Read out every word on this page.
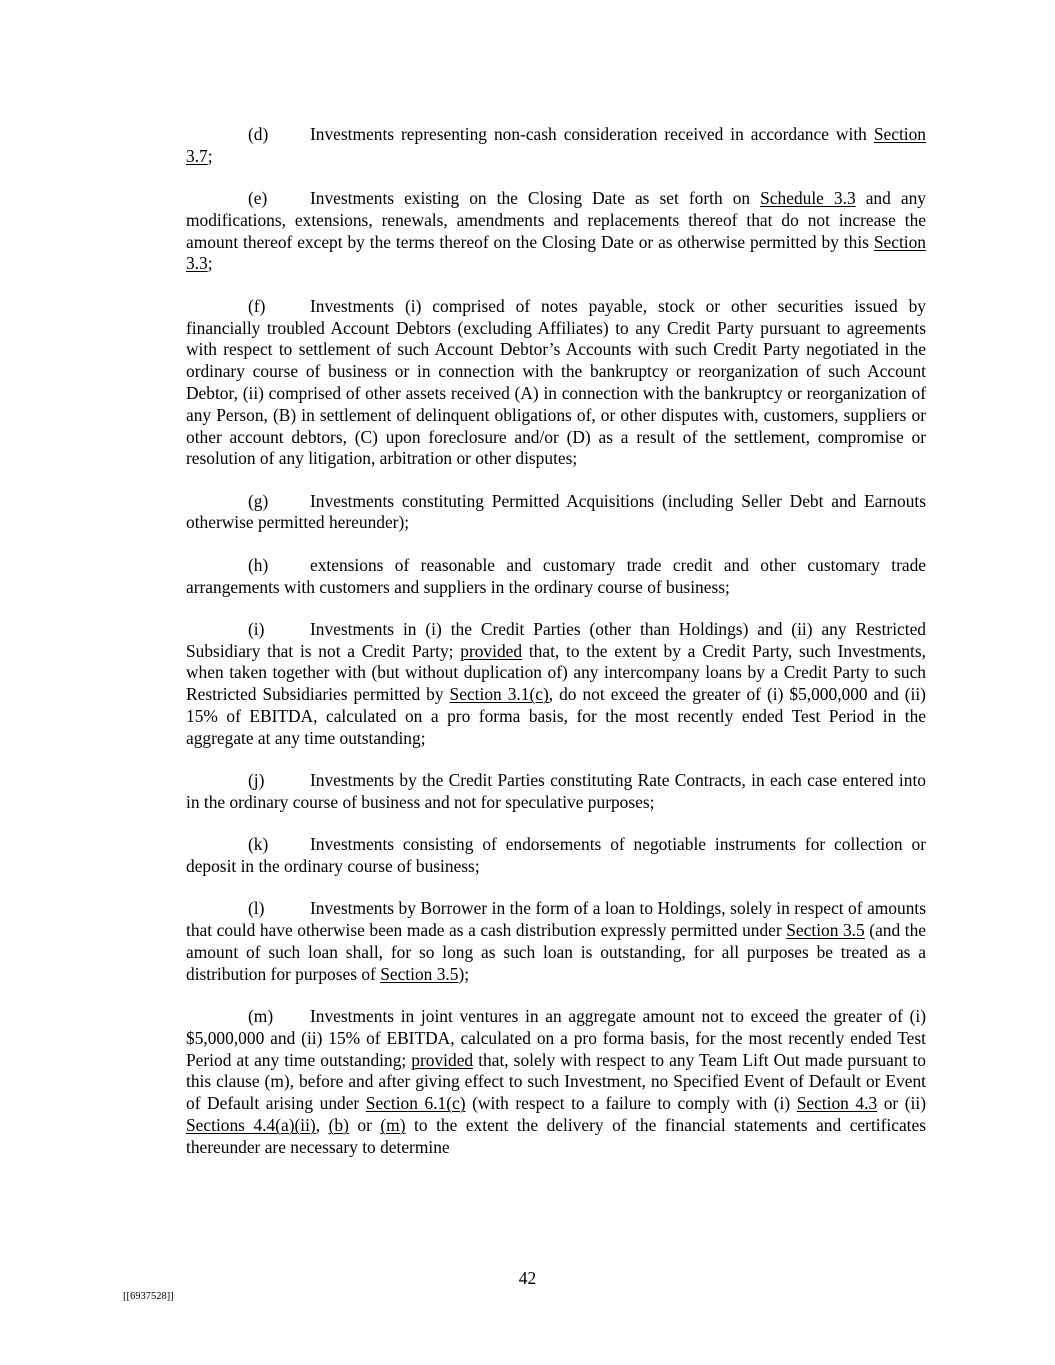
(d) Investments representing non-cash consideration received in accordance with Section 3.7;

(e) Investments existing on the Closing Date as set forth on Schedule 3.3 and any modifications, extensions, renewals, amendments and replacements thereof that do not increase the amount thereof except by the terms thereof on the Closing Date or as otherwise permitted by this Section 3.3;

(f)	Investments (i) comprised of notes payable, stock or other securities issued by financially troubled Account Debtors (excluding Affiliates) to any Credit Party pursuant to agreements with respect to settlement of such Account Debtor’s Accounts with such Credit Party negotiated in the ordinary course of business or in connection with the bankruptcy or reorganization of such Account Debtor, (ii) comprised of other assets received (A) in connection with the bankruptcy or reorganization of any Person, (B) in settlement of delinquent obligations of, or other disputes with, customers, suppliers or other account debtors, (C) upon foreclosure and/or (D) as a result of the settlement, compromise or resolution of any litigation, arbitration or other disputes;

(g) Investments constituting Permitted Acquisitions (including Seller Debt and Earnouts otherwise permitted hereunder);

(h) extensions of reasonable and customary trade credit and other customary trade arrangements with customers and suppliers in the ordinary course of business;

(i)	Investments in (i) the Credit Parties (other than Holdings) and (ii) any Restricted Subsidiary that is not a Credit Party; provided that, to the extent by a Credit Party, such Investments, when taken together with (but without duplication of) any intercompany loans by a Credit Party to such Restricted Subsidiaries permitted by Section 3.1(c), do not exceed the greater of (i) $5,000,000 and (ii) 15% of EBITDA, calculated on a pro forma basis, for the most recently ended Test Period in the aggregate at any time outstanding;

(j)	Investments by the Credit Parties constituting Rate Contracts, in each case entered into in the ordinary course of business and not for speculative purposes;

(k) Investments consisting of endorsements of negotiable instruments for collection or deposit in the ordinary course of business;

(l)	Investments by Borrower in the form of a loan to Holdings, solely in respect of amounts that could have otherwise been made as a cash distribution expressly permitted under Section 3.5 (and the amount of such loan shall, for so long as such loan is outstanding, for all purposes be treated as a distribution for purposes of Section 3.5);

(m) Investments in joint ventures in an aggregate amount not to exceed the greater of (i) $5,000,000 and (ii) 15% of EBITDA, calculated on a pro forma basis, for the most recently ended Test Period at any time outstanding; provided that, solely with respect to any Team Lift Out made pursuant to this clause (m), before and after giving effect to such Investment, no Specified Event of Default or Event of Default arising under Section 6.1(c) (with respect to a failure to comply with (i) Section 4.3 or (ii) Sections 4.4(a)(ii), (b) or (m) to the extent the delivery of the financial statements and certificates thereunder are necessary to determine

42
[[6937528]]
